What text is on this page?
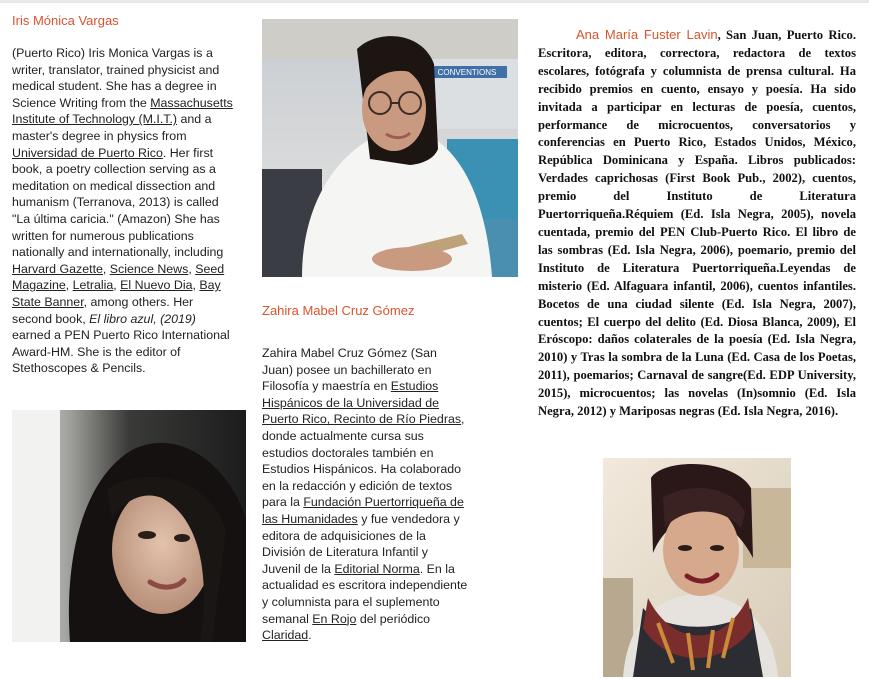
Iris Mónica Vargas
(Puerto Rico) Iris Monica Vargas is a writer, translator, trained physicist and medical student. She has a degree in Science Writing from the Massachusetts Institute of Technology (M.I.T.) and a master's degree in physics from Universidad de Puerto Rico. Her first book, a poetry collection serving as a meditation on medical dissection and humanism (Terranova, 2013) is called "La última caricia." (Amazon) She has written for numerous publications nationally and internationally, including Harvard Gazette, Science News, Seed Magazine, Letralia, El Nuevo Dia, Bay State Banner, among others. Her second book, El libro azul, (2019) earned a PEN Puerto Rico International Award-HM. She is the editor of Stethoscopes & Pencils.
CONVENTIONS
Zahira Mabel Cruz Gómez
Zahira Mabel Cruz Gómez (San Juan) posee un bachillerato en Filosofía y maestría en Estudios Hispánicos de la Universidad de Puerto Rico, Recinto de Río Piedras, donde actualmente cursa sus estudios doctorales también en Estudios Hispánicos. Ha colaborado en la redacción y edición de textos para la Fundación Puertorriqueña de las Humanidades y fue vendedora y editora de adquisiciones de la División de Literatura Infantil y Juvenil de la Editorial Norma. En la actualidad es escritora independiente y columnista para el suplemento semanal En Rojo del periódico Claridad.
Ana María Fuster Lavin, San Juan, Puerto Rico. Escritora, editora, correctora, redactora de textos escolares, fotógrafa y columnista de prensa cultural. Ha recibido premios en cuento, ensayo y poesía. Ha sido invitada a participar en lecturas de poesía, cuentos, performance de microcuentos, conversatorios y conferencias en Puerto Rico, Estados Unidos, México, República Dominicana y España. Libros publicados: Verdades caprichosas (First Book Pub., 2002), cuentos, premio del Instituto de Literatura Puertorriqueña.Réquiem (Ed. Isla Negra, 2005), novela cuentada, premio del PEN Club-Puerto Rico. El libro de las sombras (Ed. Isla Negra, 2006), poemario, premio del Instituto de Literatura Puertorriqueña.Leyendas de misterio (Ed. Alfaguara infantil, 2006), cuentos infantiles. Bocetos de una ciudad silente (Ed. Isla Negra, 2007), cuentos; El cuerpo del delito (Ed. Diosa Blanca, 2009), El Eróscopo: daños colaterales de la poesía (Ed. Isla Negra, 2010) y Tras la sombra de la Luna (Ed. Casa de los Poetas, 2011), poemarios; Carnaval de sangre(Ed. EDP University, 2015), microcuentos; las novelas (In)somnio (Ed. Isla Negra, 2012) y Mariposas negras (Ed. Isla Negra, 2016).
